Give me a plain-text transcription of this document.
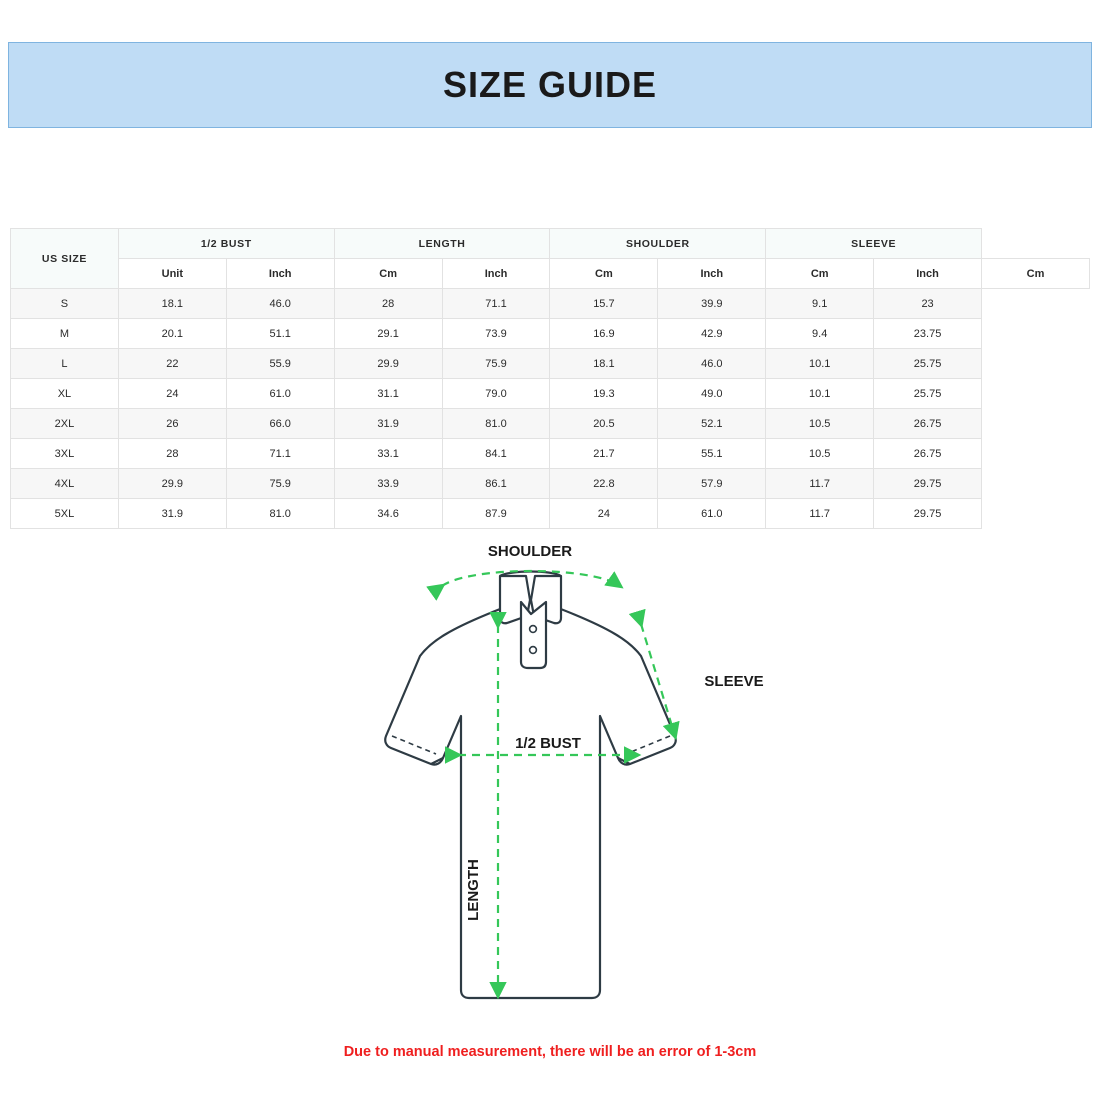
SIZE GUIDE
US SIZE	1/2 BUST		LENGTH		SHOULDER		SLEEVE		
	Unit	Inch	Cm	Inch	Cm	Inch	Cm	Inch	Cm
S	18.1	46.0	28	71.1	15.7	39.9	9.1	23	
M	20.1	51.1	29.1	73.9	16.9	42.9	9.4	23.75	
L	22	55.9	29.9	75.9	18.1	46.0	10.1	25.75	
XL	24	61.0	31.1	79.0	19.3	49.0	10.1	25.75	
2XL	26	66.0	31.9	81.0	20.5	52.1	10.5	26.75	
3XL	28	71.1	33.1	84.1	21.7	55.1	10.5	26.75	
4XL	29.9	75.9	33.9	86.1	22.8	57.9	11.7	29.75	
5XL	31.9	81.0	34.6	87.9	24	61.0	11.7	29.75	
SHOULDER
SLEEVE
1/2 BUST
LENGTH
Due to manual measurement, there will be an error of 1-3cm
